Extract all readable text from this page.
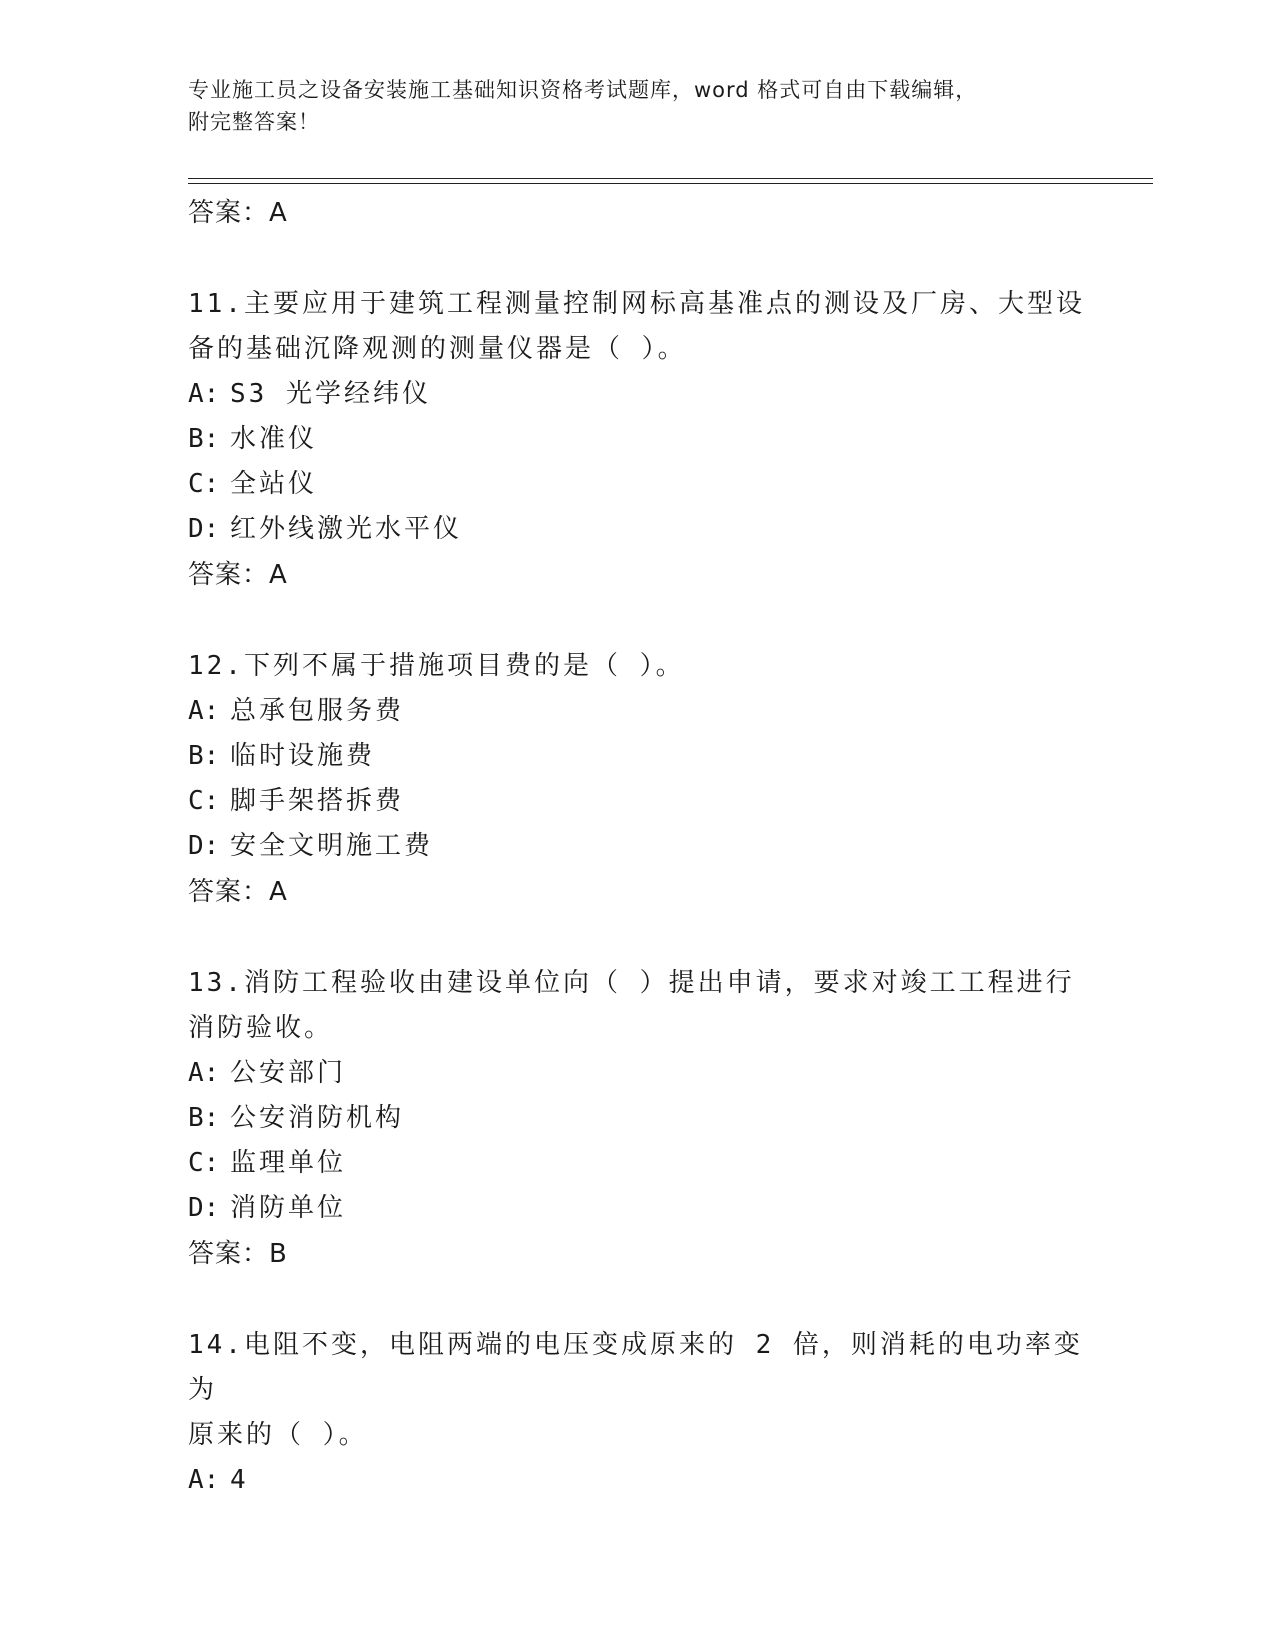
专业施工员之设备安装施工基础知识资格考试题库，word 格式可自由下载编辑，
附完整答案！
答案：A
11.主要应用于建筑工程测量控制网标高基准点的测设及厂房、大型设
备的基础沉降观测的测量仪器是（ ）。
A: S3 光学经纬仪
B: 水准仪
C: 全站仪
D: 红外线激光水平仪
答案：A
12.下列不属于措施项目费的是（ ）。
A: 总承包服务费
B: 临时设施费
C: 脚手架搭拆费
D: 安全文明施工费
答案：A
13.消防工程验收由建设单位向（ ）提出申请，要求对竣工工程进行
消防验收。
A: 公安部门
B: 公安消防机构
C: 监理单位
D: 消防单位
答案：B
14.电阻不变，电阻两端的电压变成原来的 2 倍，则消耗的电功率变为
原来的（ ）。
A: 4
